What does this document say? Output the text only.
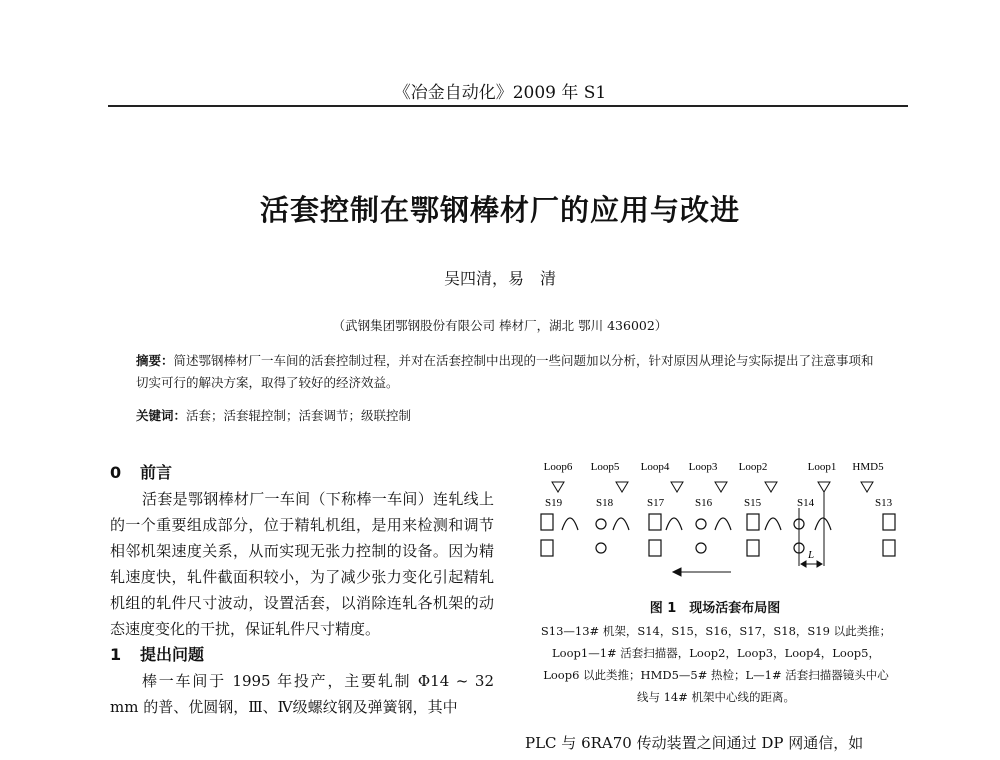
《冶金自动化》2009 年 S1
活套控制在鄂钢棒材厂的应用与改进
吴四清，易　清
（武钢集团鄂钢股份有限公司 棒材厂，湖北 鄂川 436002）
摘要：简述鄂钢棒材厂一车间的活套控制过程，并对在活套控制中出现的一些问题加以分析，针对原因从理论与实际提出了注意事项和切实可行的解决方案，取得了较好的经济效益。
关键词：活套；活套辊控制；活套调节；级联控制
0 前言

活套是鄂钢棒材厂一车间（下称棒一车间）连轧线上的一个重要组成部分，位于精轧机组，是用来检测和调节相邻机架速度关系，从而实现无张力控制的设备。因为精轧速度快，轧件截面积较小，为了减少张力变化引起精轧机组的轧件尺寸波动，设置活套，以消除连轧各机架的动态速度变化的干扰，保证轧件尺寸精度。

1 提出问题

棒一车间于 1995 年投产，主要轧制 Φ14 ~ 32 mm 的普、优圆钢，Ⅲ、Ⅳ级螺纹钢及弹簧钢，其中

Loop6 Loop5 Loop4 Loop3 Loop2	Loop1 HMD5
S19	S18	S17	S16	S15	S14	S13
L
图 1　现场活套布局图
S13—13# 机架，S14，S15，S16，S17，S18，S19 以此类推；Loop1—1# 活套扫描器，Loop2，Loop3，Loop4，Loop5，Loop6 以此类推；HMD5—5# 热检；L—1# 活套扫描器镜头中心线与 14# 机架中心线的距离。
PLC 与 6RA70 传动装置之间通过 DP 网通信，如
